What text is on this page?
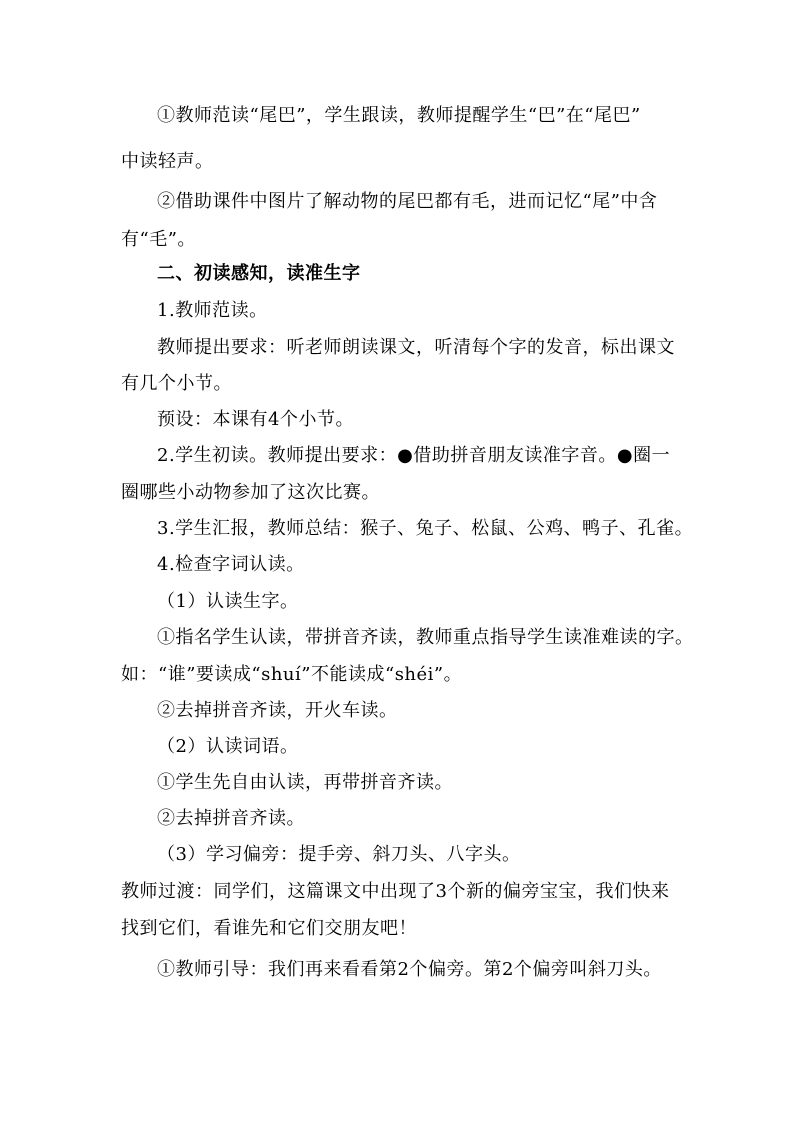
①教师范读“尾巴”，学生跟读，教师提醒学生“巴”在“尾巴”
中读轻声。
②借助课件中图片了解动物的尾巴都有毛，进而记忆“尾”中含
有“毛”。
二、初读感知，读准生字
1.教师范读。
教师提出要求：听老师朗读课文，听清每个字的发音，标出课文
有几个小节。
预设：本课有4个小节。
2.学生初读。教师提出要求：●借助拼音朋友读准字音。●圈一
圈哪些小动物参加了这次比赛。
3.学生汇报，教师总结：猴子、兔子、松鼠、公鸡、鸭子、孔雀。
4.检查字词认读。
（1）认读生字。
①指名学生认读，带拼音齐读，教师重点指导学生读准难读的字。
如：“谁”要读成“shuí”不能读成“shéi”。
②去掉拼音齐读，开火车读。
（2）认读词语。
①学生先自由认读，再带拼音齐读。
②去掉拼音齐读。
（3）学习偏旁：提手旁、斜刀头、八字头。
教师过渡：同学们，这篇课文中出现了3个新的偏旁宝宝，我们快来
找到它们，看谁先和它们交朋友吧！
①教师引导：我们再来看看第2个偏旁。第2个偏旁叫斜刀头。
